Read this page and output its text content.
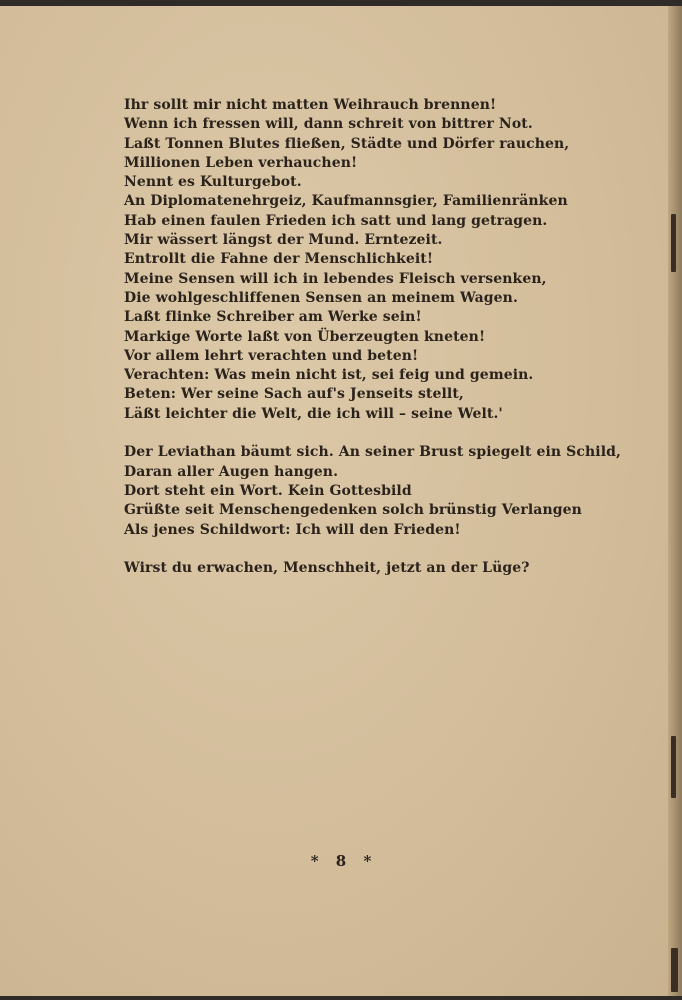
Ihr sollt mir nicht matten Weihrauch brennen!
Wenn ich fressen will, dann schreit von bittrer Not.
Laßt Tonnen Blutes fließen, Städte und Dörfer rauchen,
Millionen Leben verhauchen!
Nennt es Kulturgebot.
An Diplomatenehrgeiz, Kaufmannsgier, Familienränken
Hab einen faulen Frieden ich satt und lang getragen.
Mir wässert längst der Mund. Erntezeit.
Entrollt die Fahne der Menschlichkeit!
Meine Sensen will ich in lebendes Fleisch versenken,
Die wohlgeschliffenen Sensen an meinem Wagen.
Laßt flinke Schreiber am Werke sein!
Markige Worte laßt von Überzeugten kneten!
Vor allem lehrt verachten und beten!
Verachten: Was mein nicht ist, sei feig und gemein.
Beten: Wer seine Sach auf's Jenseits stellt,
Läßt leichter die Welt, die ich will – seine Welt.'
Der Leviathan bäumt sich. An seiner Brust spiegelt ein Schild,
Daran aller Augen hangen.
Dort steht ein Wort. Kein Gottesbild
Grüßte seit Menschengedenken solch brünstig Verlangen
Als jenes Schildwort: Ich will den Frieden!
Wirst du erwachen, Menschheit, jetzt an der Lüge?
* 8 *
